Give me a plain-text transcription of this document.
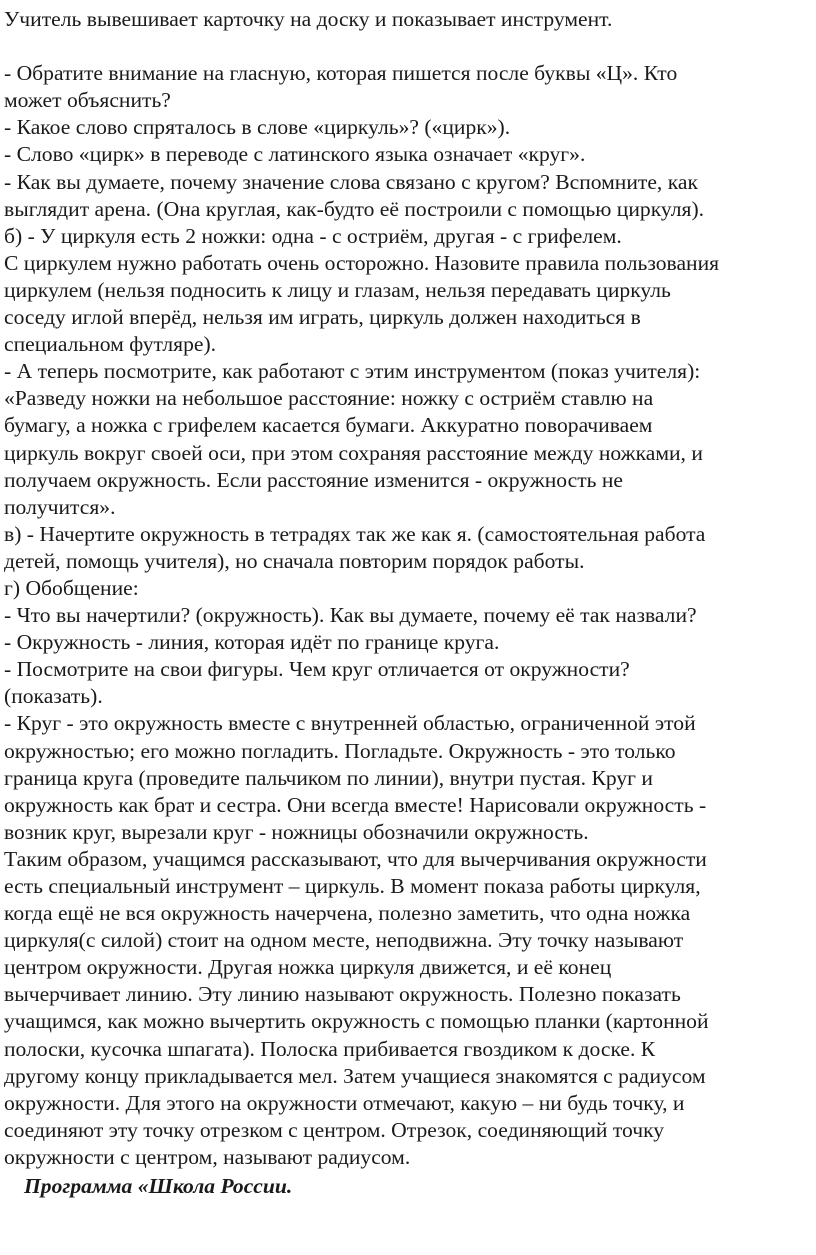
Учитель вывешивает карточку на доску и показывает инструмент.
- Обратите внимание на гласную, которая пишется после буквы «Ц». Кто
может объяснить?
- Какое слово спряталось в слове «циркуль»? («цирк»).
- Слово «цирк» в переводе с латинского языка означает «круг».
- Как вы думаете, почему значение слова связано с кругом? Вспомните, как
выглядит арена. (Она круглая, как-будто её построили с помощью циркуля).
б) - У циркуля есть 2 ножки: одна - с остриём, другая - с грифелем.
С циркулем нужно работать очень осторожно. Назовите правила пользования
циркулем (нельзя подносить к лицу и глазам, нельзя передавать циркуль
соседу иглой вперёд, нельзя им играть, циркуль должен находиться в
специальном футляре).
- А теперь посмотрите, как работают с этим инструментом (показ учителя):
«Разведу ножки на небольшое расстояние: ножку с остриём ставлю на
бумагу, а ножка с грифелем касается бумаги. Аккуратно поворачиваем
циркуль вокруг своей оси, при этом сохраняя расстояние между ножками, и
получаем окружность. Если расстояние изменится - окружность не
получится».
в) - Начертите окружность в тетрадях так же как я. (самостоятельная работа
детей, помощь учителя), но сначала повторим порядок работы.
г) Обобщение:
- Что вы начертили? (окружность). Как вы думаете, почему её так назвали?
- Окружность - линия, которая идёт по границе круга.
- Посмотрите на свои фигуры. Чем круг отличается от окружности?
(показать).
- Круг - это окружность вместе с внутренней областью, ограниченной этой
окружностью; его можно погладить. Погладьте. Окружность - это только
граница круга (проведите пальчиком по линии), внутри пустая. Круг и
окружность как брат и сестра. Они всегда вместе! Нарисовали окружность -
возник круг, вырезали круг - ножницы обозначили окружность.
Таким образом, учащимся рассказывают, что для вычерчивания окружности
есть специальный инструмент – циркуль. В момент показа работы циркуля,
когда ещё не вся окружность начерчена, полезно заметить, что одна ножка
циркуля(с силой) стоит на одном месте, неподвижна. Эту точку называют
центром окружности. Другая ножка циркуля движется, и её конец
вычерчивает линию. Эту линию называют окружность. Полезно показать
учащимся, как можно вычертить окружность с помощью планки (картонной
полоски, кусочка шпагата). Полоска прибивается гвоздиком к доске. К
другому концу прикладывается мел. Затем учащиеся знакомятся с радиусом
окружности. Для этого на окружности отмечают, какую – ни будь точку, и
соединяют эту точку отрезком с центром. Отрезок, соединяющий точку
окружности с центром, называют радиусом.
Программа «Школа России.
